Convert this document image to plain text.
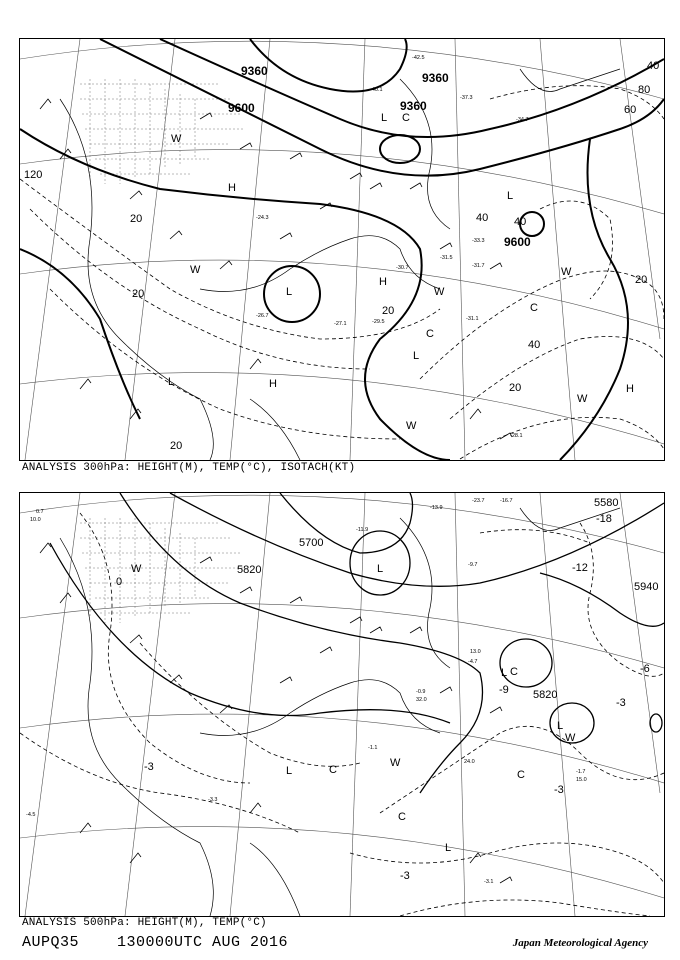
-42.5
-40.1
-37.3
-34.7
-33.3
-31.7
-31.5
-31.1
-30.7
-29.5
-28.1
-27.1
-26.7
-24.3
9360	9360
9360
9600
9600
20
20
20
20
20
20
40 40
40
40
60
80
120
H
H
H	H
L
L
L
L
L
C
C
C
W
W
W
W
W
W
ANALYSIS 300hPa: HEIGHT(M), TEMP(°C), ISOTACH(KT)
-23.7	-16.7
-13.9
-11.9
-9.7
-4.7
-4.5
-3.3
-3.1
-1.7
-1.1
-0.9
0.7
10.0
13.0
15.0
24.0
32.0
5580
5700
5820
5820
5940
-18
-12
-9
-6
-3
-3
-3
-3
0
L
L
L
L
L	C	C
C
C
W
W
W
ANALYSIS 500hPa: HEIGHT(M), TEMP(°C)
AUPQ35	130000UTC AUG 2016	Japan Meteorological Agency
